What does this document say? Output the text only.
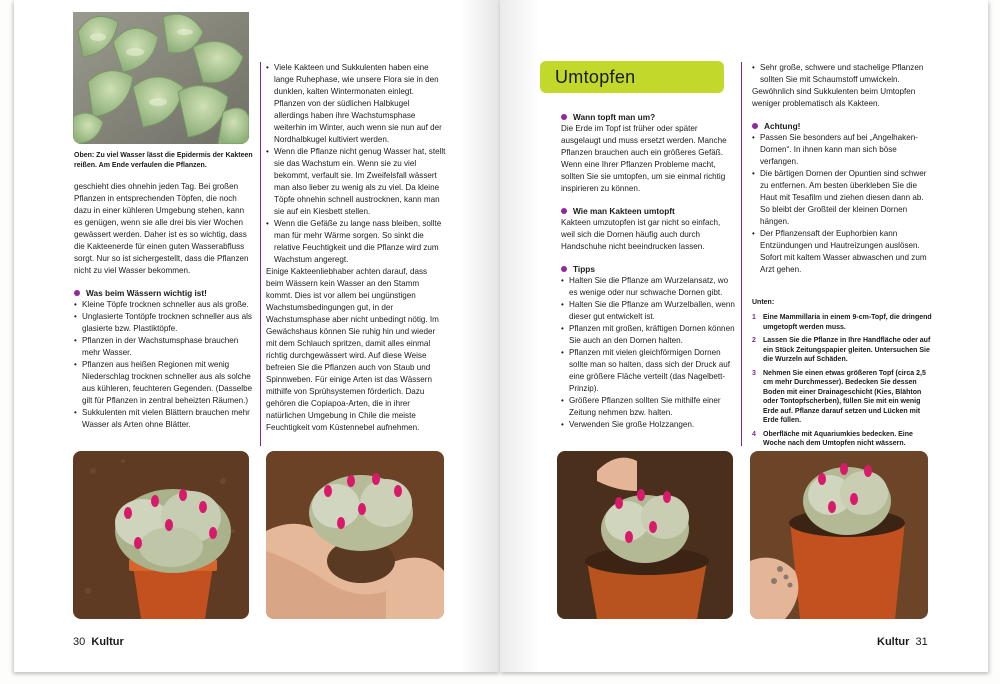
Oben: Zu viel Wasser lässt die Epidermis der Kakteen reißen. Am Ende verfaulen die Pflanzen.

geschieht dies ohnehin jeden Tag. Bei großen Pflanzen in entsprechenden Töpfen, die noch dazu in einer kühleren Umgebung stehen, kann es genügen, wenn sie alle drei bis vier Wochen gewässert werden. Daher ist es so wichtig, dass die Kakteenerde für einen guten Wasserabfluss sorgt. Nur so ist sichergestellt, dass die Pflanzen nicht zu viel Wasser bekommen.

Was beim Wässern wichtig ist!
• Kleine Töpfe trocknen schneller aus als große.
• Unglasierte Tontöpfe trocknen schneller aus als glasierte bzw. Plastiktöpfe.
• Pflanzen in der Wachstumsphase brauchen mehr Wasser.
• Pflanzen aus heißen Regionen mit wenig Niederschlag trocknen schneller aus als solche aus kühleren, feuchteren Gegenden. (Dasselbe gilt für Pflanzen in zentral beheizten Räumen.)
• Sukkulenten mit vielen Blättern brauchen mehr Wasser als Arten ohne Blätter.
• Viele Kakteen und Sukkulenten haben eine lange Ruhephase, wie unsere Flora sie in den dunklen, kalten Wintermonaten einlegt. Pflanzen von der südlichen Halbkugel allerdings haben ihre Wachstumsphase weiterhin im Winter, auch wenn sie nun auf der Nordhalbkugel kultiviert werden.
• Wenn die Pflanze nicht genug Wasser hat, stellt sie das Wachstum ein. Wenn sie zu viel bekommt, verfault sie. Im Zweifelsfall wässert man also lieber zu wenig als zu viel. Da kleine Töpfe ohnehin schnell austrocknen, kann man sie auf ein Kiesbett stellen.
• Wenn die Gefäße zu lange nass bleiben, sollte man für mehr Wärme sorgen. So sinkt die relative Feuchtigkeit und die Pflanze wird zum Wachstum angeregt.

Einige Kakteenliebhaber achten darauf, dass beim Wässern kein Wasser an den Stamm kommt. Dies ist vor allem bei ungünstigen Wachstumsbedingungen gut, in der Wachstumsphase aber nicht unbedingt nötig. Im Gewächshaus können Sie ruhig hin und wieder mit dem Schlauch spritzen, damit alles einmal richtig durchgewässert wird. Auf diese Weise befreien Sie die Pflanzen auch von Staub und Spinnweben. Für einige Arten ist das Wässern mithilfe von Sprühsystemen förderlich. Dazu gehören die Copiapoa-Arten, die in ihrer natürlichen Umgebung in Chile die meiste Feuchtigkeit vom Küstennebel aufnehmen.

30 Kultur
Umtopfen
Wann topft man um?

Die Erde im Topf ist früher oder später ausgelaugt und muss ersetzt werden. Manche Pflanzen brauchen auch ein größeres Gefäß. Wenn eine Ihrer Pflanzen Probleme macht, sollten Sie sie umtopfen, um sie einmal richtig inspirieren zu können.

Wie man Kakteen umtopft

Kakteen umzutopfen ist gar nicht so einfach, weil sich die Dornen häufig auch durch Handschuhe nicht beeindrucken lassen.

Tipps
• Halten Sie die Pflanze am Wurzelansatz, wo es wenige oder nur schwache Dornen gibt.
• Halten Sie die Pflanze am Wurzelballen, wenn dieser gut entwickelt ist.
• Pflanzen mit großen, kräftigen Dornen können Sie auch an den Dornen halten.
• Pflanzen mit vielen gleichförmigen Dornen sollte man so halten, dass sich der Druck auf eine größere Fläche verteilt (das Nagelbett-Prinzip).
• Größere Pflanzen sollten Sie mithilfe einer Zeitung nehmen bzw. halten.
• Verwenden Sie große Holzzangen.
• Sehr große, schwere und stachelige Pflanzen sollten Sie mit Schaumstoff umwickeln.

Gewöhnlich sind Sukkulenten beim Umtopfen weniger problematisch als Kakteen.

Achtung!
• Passen Sie besonders auf bei „Angelhaken-Dornen“. In ihnen kann man sich böse verfangen.
• Die bärtigen Dornen der Opuntien sind schwer zu entfernen. Am besten überkleben Sie die Haut mit Tesafilm und ziehen diesen dann ab. So bleibt der Großteil der kleinen Dornen hängen.
• Der Pflanzensaft der Euphorbien kann Entzündungen und Hautreizungen auslösen. Sofort mit kaltem Wasser abwaschen und zum Arzt gehen.
Unten:
1 Eine Mammillaria in einem 9-cm-Topf, die dringend umgetopft werden muss.
2 Lassen Sie die Pflanze in Ihre Handfläche oder auf ein Stück Zeitungspapier gleiten. Untersuchen Sie die Wurzeln auf Schäden.
3 Nehmen Sie einen etwas größeren Topf (circa 2,5 cm mehr Durchmesser). Bedecken Sie dessen Boden mit einer Drainageschicht (Kies, Blähton oder Tontopfscherben), füllen Sie mit ein wenig Erde auf. Pflanze darauf setzen und Lücken mit Erde füllen.
4 Oberfläche mit Aquariumkies bedecken. Eine Woche nach dem Umtopfen nicht wässern.
Kultur 31
